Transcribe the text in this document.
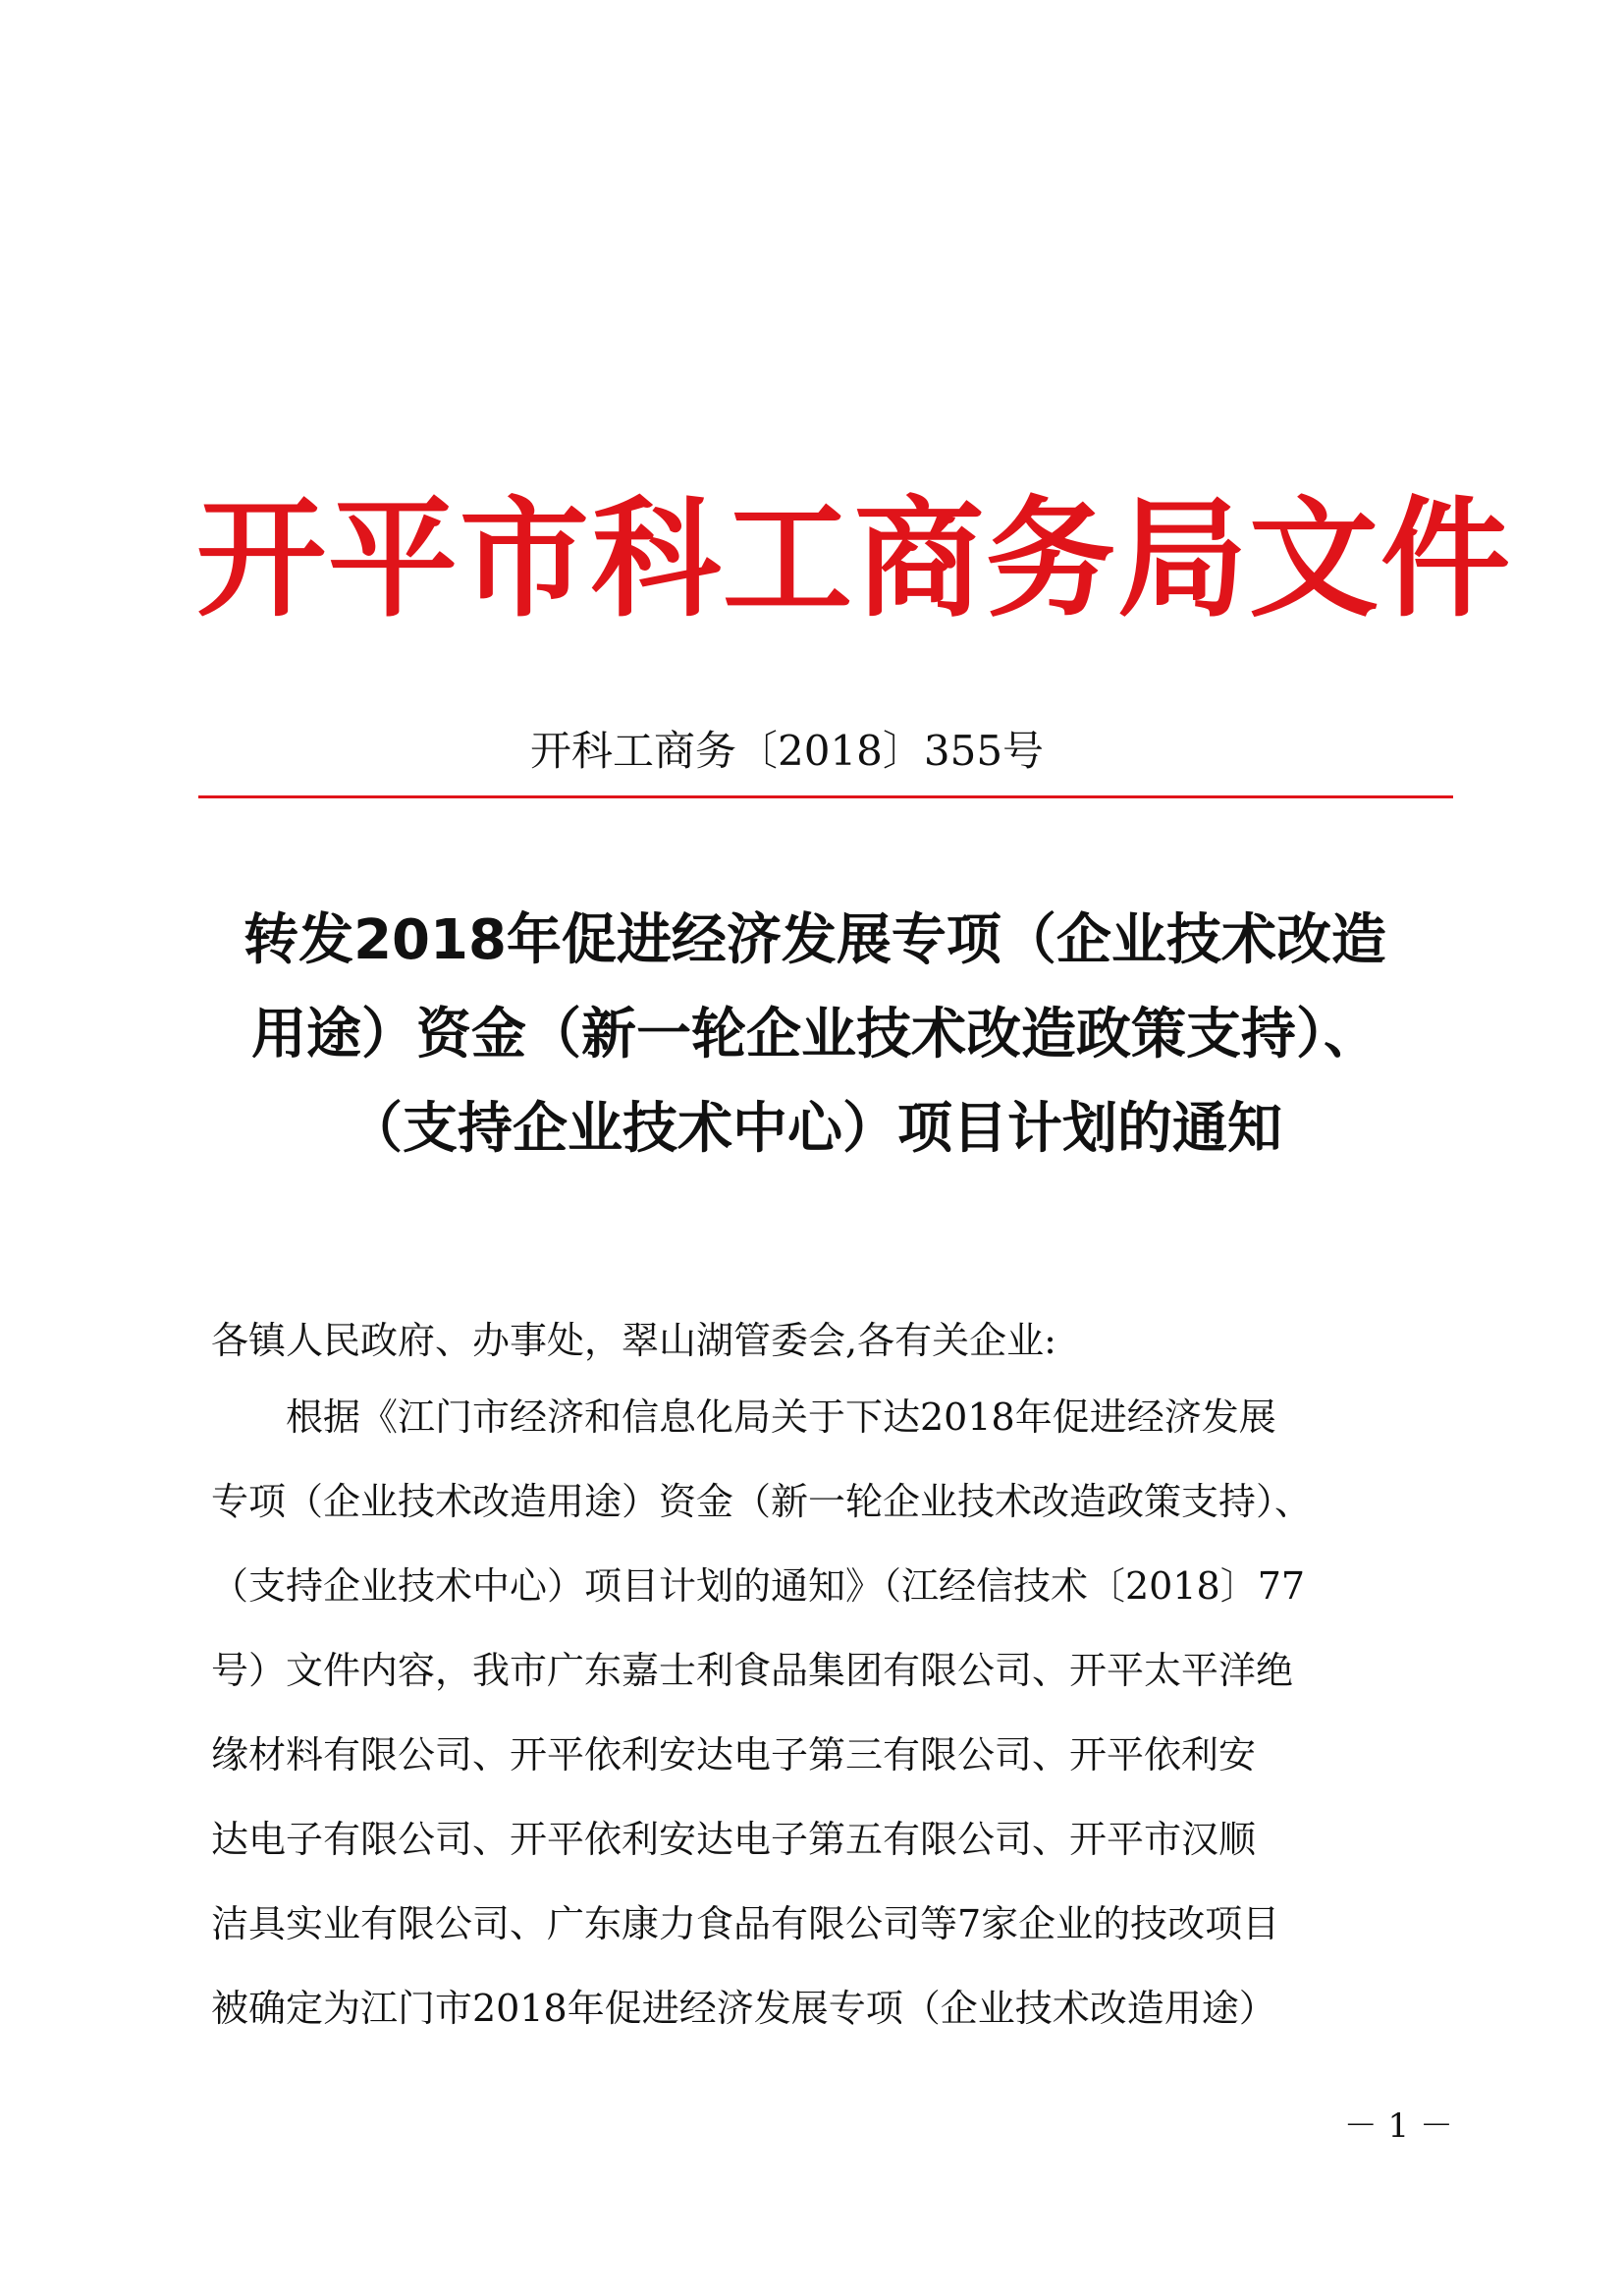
开平市科工商务局文件
开科工商务〔2018〕355号
转发2018年促进经济发展专项（企业技术改造
用途）资金（新一轮企业技术改造政策支持）、
（支持企业技术中心）项目计划的通知
各镇人民政府、办事处，翠山湖管委会,各有关企业:
　　根据《江门市经济和信息化局关于下达2018年促进经济发展
专项（企业技术改造用途）资金（新一轮企业技术改造政策支持）、
（支持企业技术中心）项目计划的通知》（江经信技术〔2018〕77
号）文件内容，我市广东嘉士利食品集团有限公司、开平太平洋绝
缘材料有限公司、开平依利安达电子第三有限公司、开平依利安
达电子有限公司、开平依利安达电子第五有限公司、开平市汉顺
洁具实业有限公司、广东康力食品有限公司等7家企业的技改项目
被确定为江门市2018年促进经济发展专项（企业技术改造用途）
－ 1 －
